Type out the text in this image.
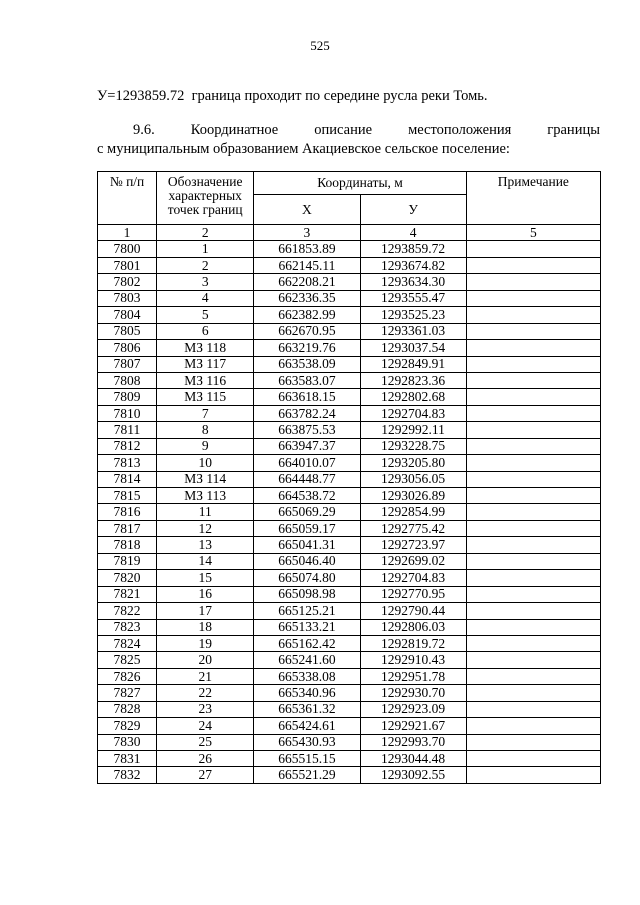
525
У=1293859.72  граница проходит по середине русла реки Томь.
9.6. Координатное описание местоположения границы
с муниципальным образованием Акациевское сельское поселение:
№ п/п	Обозначение характерных точек границ	Координаты, м		Примечание
		X	У	
1	2	3	4	5
7800	1	661853.89	1293859.72	
7801	2	662145.11	1293674.82	
7802	3	662208.21	1293634.30	
7803	4	662336.35	1293555.47	
7804	5	662382.99	1293525.23	
7805	6	662670.95	1293361.03	
7806	МЗ 118	663219.76	1293037.54	
7807	МЗ 117	663538.09	1292849.91	
7808	МЗ 116	663583.07	1292823.36	
7809	МЗ 115	663618.15	1292802.68	
7810	7	663782.24	1292704.83	
7811	8	663875.53	1292992.11	
7812	9	663947.37	1293228.75	
7813	10	664010.07	1293205.80	
7814	МЗ 114	664448.77	1293056.05	
7815	МЗ 113	664538.72	1293026.89	
7816	11	665069.29	1292854.99	
7817	12	665059.17	1292775.42	
7818	13	665041.31	1292723.97	
7819	14	665046.40	1292699.02	
7820	15	665074.80	1292704.83	
7821	16	665098.98	1292770.95	
7822	17	665125.21	1292790.44	
7823	18	665133.21	1292806.03	
7824	19	665162.42	1292819.72	
7825	20	665241.60	1292910.43	
7826	21	665338.08	1292951.78	
7827	22	665340.96	1292930.70	
7828	23	665361.32	1292923.09	
7829	24	665424.61	1292921.67	
7830	25	665430.93	1292993.70	
7831	26	665515.15	1293044.48	
7832	27	665521.29	1293092.55	
